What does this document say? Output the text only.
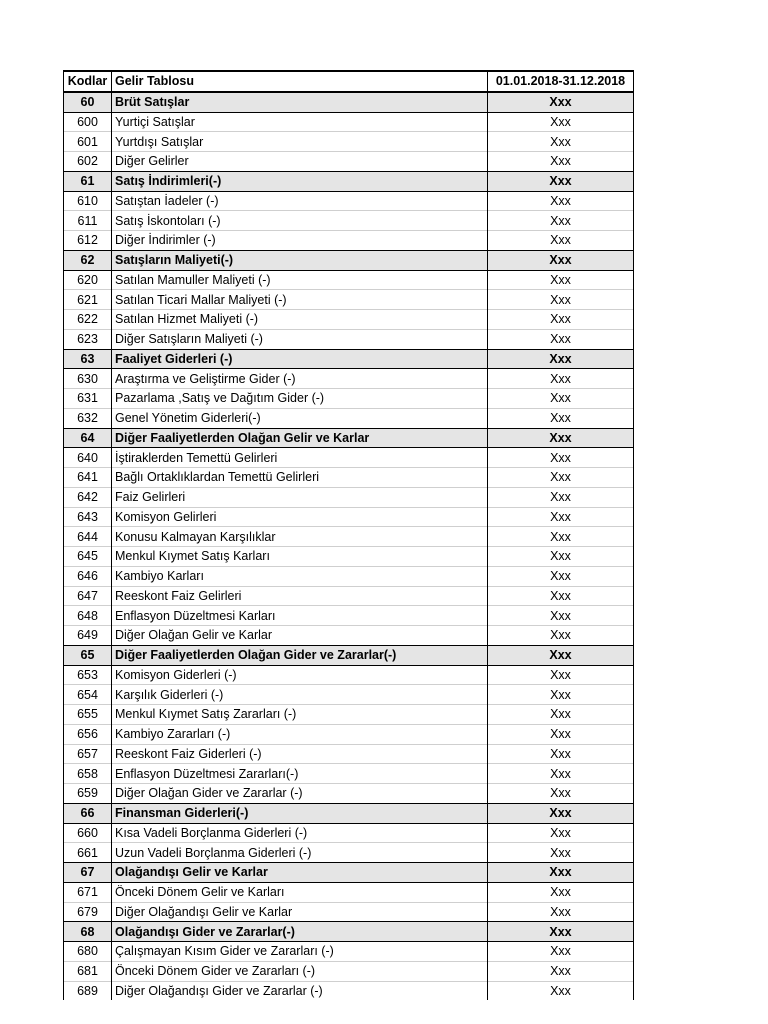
Kodlar	Gelir Tablosu	01.01.2018-31.12.2018
60	Brüt Satışlar	Xxx
600	Yurtiçi Satışlar	Xxx
601	Yurtdışı Satışlar	Xxx
602	Diğer Gelirler	Xxx
61	Satış İndirimleri(-)	Xxx
610	Satıştan İadeler (-)	Xxx
611	Satış İskontoları (-)	Xxx
612	Diğer İndirimler (-)	Xxx
62	Satışların Maliyeti(-)	Xxx
620	Satılan Mamuller Maliyeti (-)	Xxx
621	Satılan Ticari Mallar Maliyeti (-)	Xxx
622	Satılan Hizmet Maliyeti (-)	Xxx
623	Diğer Satışların Maliyeti (-)	Xxx
63	Faaliyet Giderleri (-)	Xxx
630	Araştırma ve Geliştirme Gider (-)	Xxx
631	Pazarlama ,Satış ve Dağıtım Gider (-)	Xxx
632	Genel Yönetim Giderleri(-)	Xxx
64	Diğer Faaliyetlerden Olağan Gelir ve Karlar	Xxx
640	İştiraklerden Temettü Gelirleri	Xxx
641	Bağlı Ortaklıklardan Temettü Gelirleri	Xxx
642	Faiz Gelirleri	Xxx
643	Komisyon Gelirleri	Xxx
644	Konusu Kalmayan Karşılıklar	Xxx
645	Menkul Kıymet Satış Karları	Xxx
646	Kambiyo Karları	Xxx
647	Reeskont Faiz Gelirleri	Xxx
648	Enflasyon Düzeltmesi Karları	Xxx
649	Diğer Olağan Gelir ve Karlar	Xxx
65	Diğer Faaliyetlerden Olağan Gider ve Zararlar(-)	Xxx
653	Komisyon Giderleri (-)	Xxx
654	Karşılık Giderleri (-)	Xxx
655	Menkul Kıymet Satış Zararları (-)	Xxx
656	Kambiyo Zararları (-)	Xxx
657	Reeskont Faiz Giderleri (-)	Xxx
658	Enflasyon Düzeltmesi Zararları(-)	Xxx
659	Diğer Olağan Gider ve Zararlar (-)	Xxx
66	Finansman Giderleri(-)	Xxx
660	Kısa Vadeli Borçlanma Giderleri (-)	Xxx
661	Uzun Vadeli Borçlanma Giderleri (-)	Xxx
67	Olağandışı Gelir ve Karlar	Xxx
671	Önceki Dönem Gelir ve Karları	Xxx
679	Diğer Olağandışı Gelir ve Karlar	Xxx
68	Olağandışı Gider ve Zararlar(-)	Xxx
680	Çalışmayan Kısım Gider ve Zararları (-)	Xxx
681	Önceki Dönem Gider ve Zararları (-)	Xxx
689	Diğer Olağandışı Gider ve Zararlar (-)	Xxx
